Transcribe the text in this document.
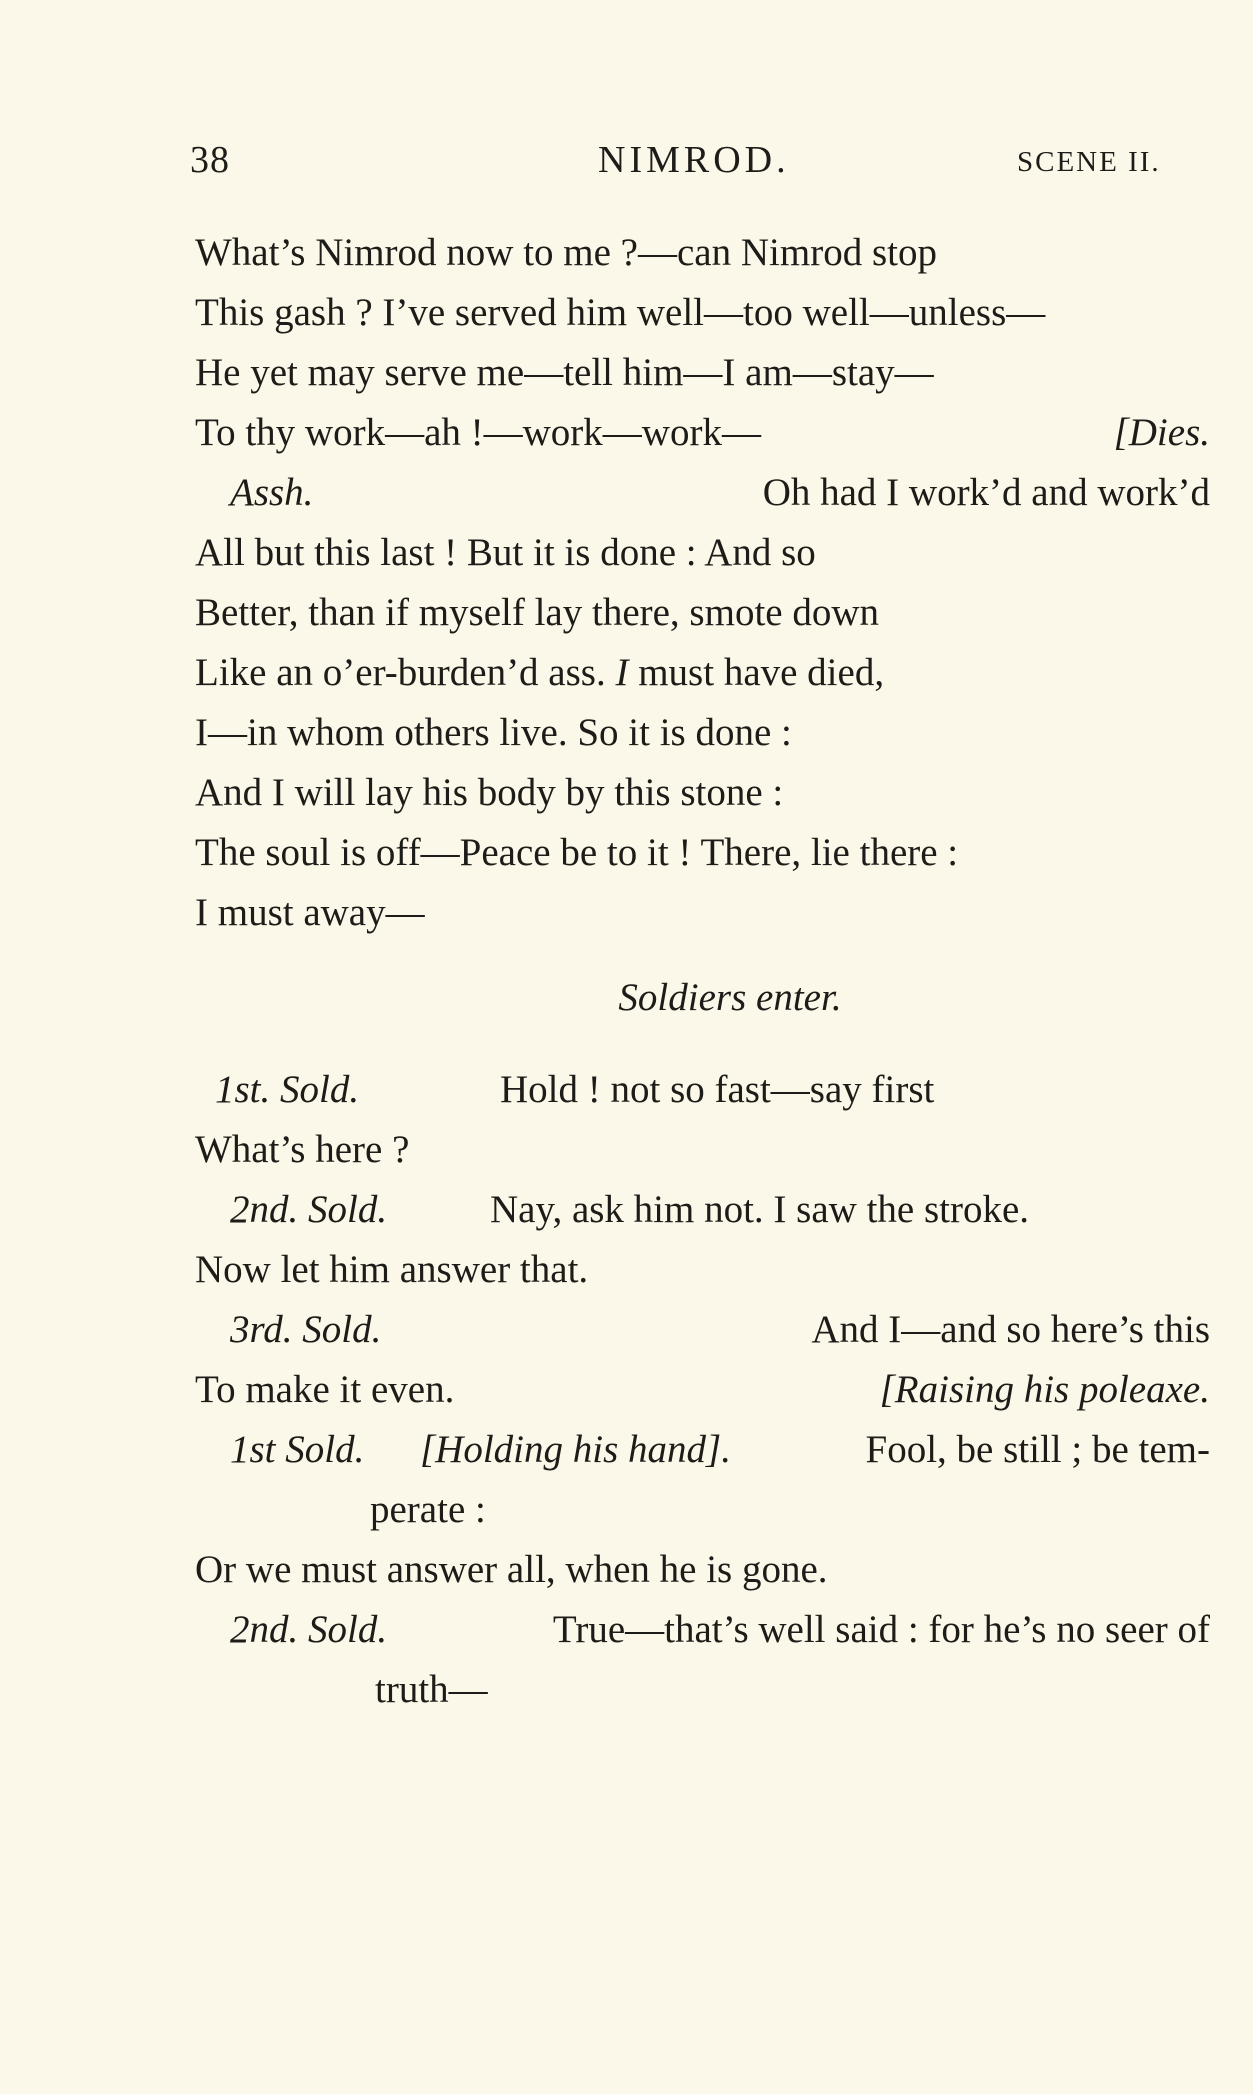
38	NIMROD.	SCENE II.
What’s Nimrod now to me ?—can Nimrod stop
This gash ? I’ve served him well—too well—unless—
He yet may serve me—tell him—I am—stay—
To thy work—ah !—work—work—	[Dies.
Assh.	Oh had I work’d and work’d
All but this last ! But it is done : And so
Better, than if myself lay there, smote down
Like an o’er-burden’d ass. I must have died,
I—in whom others live. So it is done :
And I will lay his body by this stone :
The soul is off—Peace be to it ! There, lie there :
I must away—
Soldiers enter.
1st. Sold.	Hold ! not so fast—say first
What’s here ?
2nd. Sold.	Nay, ask him not. I saw the stroke.
Now let him answer that.
3rd. Sold.	And I—and so here’s this
To make it even.	[Raising his poleaxe.
1st Sold. [Holding his hand].	Fool, be still ; be tem-
perate :
Or we must answer all, when he is gone.
2nd. Sold.	True—that’s well said : for he’s no seer of
truth—
